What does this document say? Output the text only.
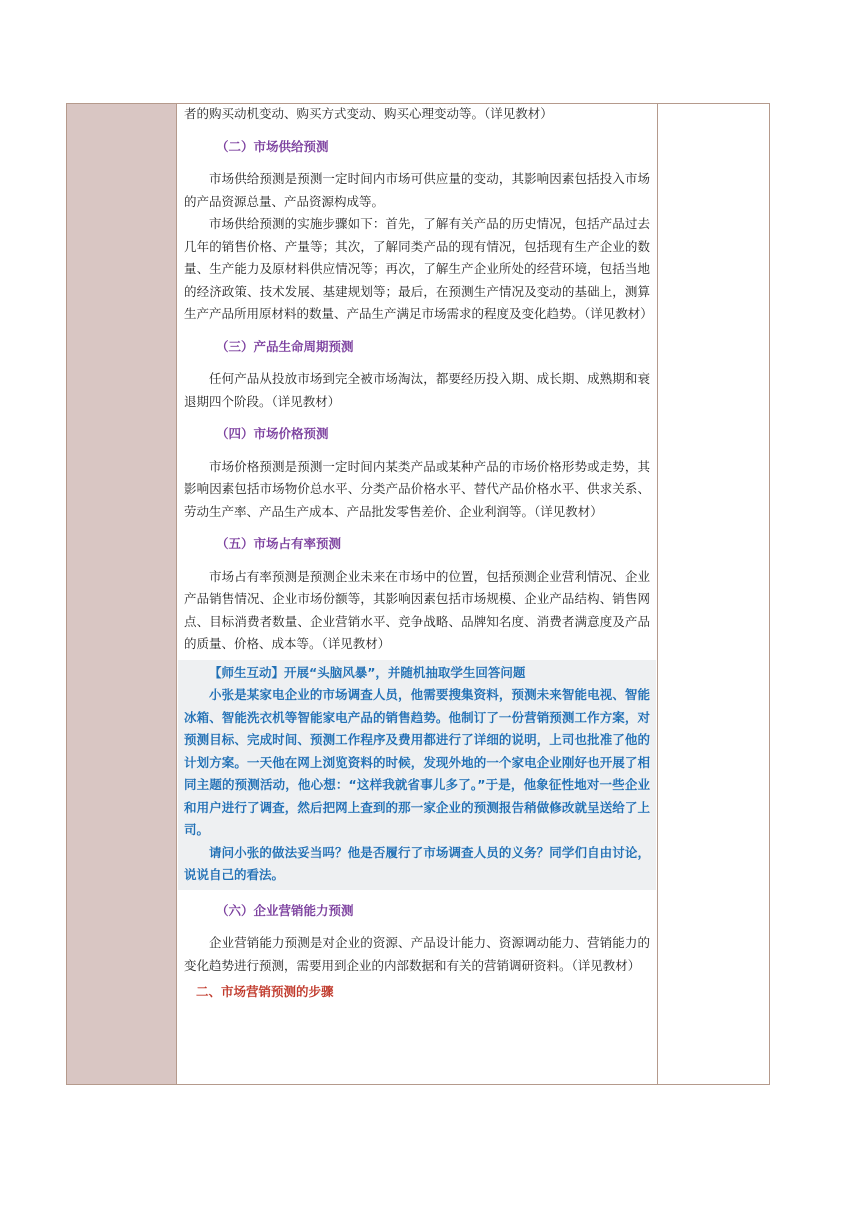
者的购买动机变动、购买方式变动、购买心理变动等。（详见教材）

（二）市场供给预测

市场供给预测是预测一定时间内市场可供应量的变动，其影响因素包括投入市场的产品资源总量、产品资源构成等。

市场供给预测的实施步骤如下：首先，了解有关产品的历史情况，包括产品过去几年的销售价格、产量等；其次，了解同类产品的现有情况，包括现有生产企业的数量、生产能力及原材料供应情况等；再次，了解生产企业所处的经营环境，包括当地的经济政策、技术发展、基建规划等；最后，在预测生产情况及变动的基础上，测算生产产品所用原材料的数量、产品生产满足市场需求的程度及变化趋势。（详见教材）

（三）产品生命周期预测

任何产品从投放市场到完全被市场淘汰，都要经历投入期、成长期、成熟期和衰退期四个阶段。（详见教材）

（四）市场价格预测

市场价格预测是预测一定时间内某类产品或某种产品的市场价格形势或走势，其影响因素包括市场物价总水平、分类产品价格水平、替代产品价格水平、供求关系、劳动生产率、产品生产成本、产品批发零售差价、企业利润等。（详见教材）

（五）市场占有率预测

市场占有率预测是预测企业未来在市场中的位置，包括预测企业营利情况、企业产品销售情况、企业市场份额等，其影响因素包括市场规模、企业产品结构、销售网点、目标消费者数量、企业营销水平、竞争战略、品牌知名度、消费者满意度及产品的质量、价格、成本等。（详见教材）

【师生互动】开展“头脑风暴”，并随机抽取学生回答问题

小张是某家电企业的市场调查人员，他需要搜集资料，预测未来智能电视、智能冰箱、智能洗衣机等智能家电产品的销售趋势。他制订了一份营销预测工作方案，对预测目标、完成时间、预测工作程序及费用都进行了详细的说明，上司也批准了他的计划方案。一天他在网上浏览资料的时候，发现外地的一个家电企业刚好也开展了相同主题的预测活动，他心想：“这样我就省事儿多了。”于是，他象征性地对一些企业和用户进行了调查，然后把网上查到的那一家企业的预测报告稍做修改就呈送给了上司。

请问小张的做法妥当吗？他是否履行了市场调查人员的义务？同学们自由讨论，说说自己的看法。

（六）企业营销能力预测

企业营销能力预测是对企业的资源、产品设计能力、资源调动能力、营销能力的变化趋势进行预测，需要用到企业的内部数据和有关的营销调研资料。（详见教材）

二、市场营销预测的步骤
